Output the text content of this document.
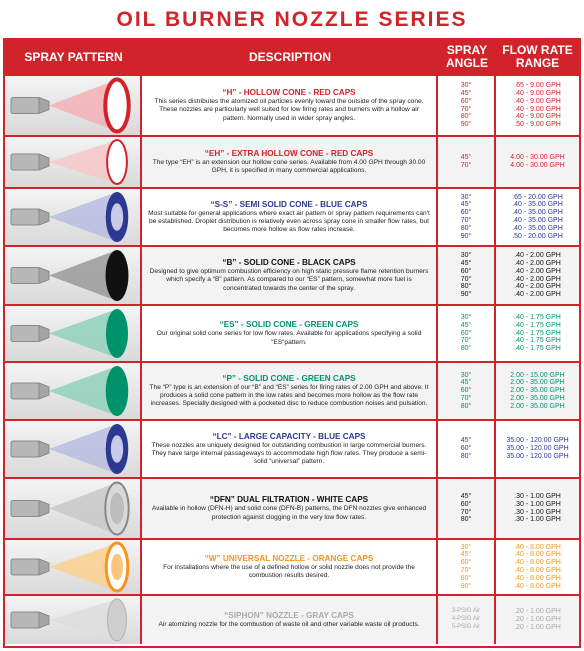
OIL BURNER NOZZLE SERIES
SPRAY PATTERN	DESCRIPTION	SPRAY ANGLE
FLOW RATE RANGE
“H” - HOLLOW CONE - RED CAPS
This series distributes the atomized oil particles evenly toward the outside of the spray cone. These nozzles are particularly well suited for low firing rates and burners with a hollow air pattern. Normally used in wider spray angles.
30°
45°
60°
70°
80°
90°
.65 - 9.00 GPH
.40 - 9.00 GPH
.40 - 9.00 GPH
.40 - 9.00 GPH
.40 - 9.00 GPH
.50 - 9.00 GPH
“EH” - EXTRA HOLLOW CONE - RED CAPS
The type “EH” is an extension our hollow cone series. Available from 4.00 GPH through 30.00 GPH, it is specified in many commercial applications.
45°
70°
4.00 - 30.00 GPH
4.00 - 30.00 GPH
“S-S” - SEMI SOLID CONE - BLUE CAPS
Most suitable for general applications where exact air pattern or spray pattern requirements can't be established. Droplet distribution is relatively even across spray cone in smaller flow rates, but becomes more hollow as flow rates increase.
30°
45°
60°
70°
80°
90°
.65 - 20.00 GPH
.40 - 35.00 GPH
.40 - 35.00 GPH
.40 - 35.00 GPH
.40 - 35.00 GPH
.50 - 20.00 GPH
“B” - SOLID CONE - BLACK CAPS
Designed to give optimum combustion efficiency on high static pressure flame retention burners which specify a “B” pattern. As compared to our “ES” pattern, somewhat more fuel is concentrated towards the center of the spray.
30°
45°
60°
70°
80°
90°
.40 - 2.00 GPH
.40 - 2.00 GPH
.40 - 2.00 GPH
.40 - 2.00 GPH
.40 - 2.00 GPH
.40 - 2.00 GPH
“ES” - SOLID CONE - GREEN CAPS
Our original solid cone series for low flow rates. Available for applications specifying a solid “ES”pattern.
30°
45°
60°
70°
80°
.40 - 1.75 GPH
.40 - 1.75 GPH
.40 - 1.75 GPH
.40 - 1.75 GPH
.40 - 1.75 GPH
“P” - SOLID CONE - GREEN CAPS
The “P” type is an extension of our “B” and “ES” series for firing rates of 2.00 GPH and above. It produces a solid cone pattern in the low rates and becomes more hollow as the flow rate increases. Specially designed with a pocketed disc to reduce combustion noises and pulsation.
30°
45°
60°
70°
80°
2.00 - 15.00 GPH
2.00 - 35.00 GPH
2.00 - 35.00 GPH
2.00 - 35.00 GPH
2.00 - 35.00 GPH
“LC” - LARGE CAPACITY - BLUE CAPS
These nozzles are uniquely designed for outstanding combustion in large commercial burners. They have large internal passageways to accommodate high flow rates. They produce a semi-solid “universal” pattern.
45°
60°
80°
35.00 - 120.00 GPH
35.00 - 120.00 GPH
35.00 - 120.00 GPH
“DFN” DUAL FILTRATION - WHITE CAPS
Available in hollow (DFN-H) and solid cone (DFN-B) patterns, the DFN nozzles give enhanced protection against clogging in the very low flow rates.
45°
60°
70°
80°
.30 - 1.00 GPH
.30 - 1.00 GPH
.30 - 1.00 GPH
.30 - 1.00 GPH
“W” UNIVERSAL NOZZLE - ORANGE CAPS
For installations where the use of a defined hollow or solid nozzle does not provide the combustion results desired.
30°
45°
60°
70°
80°
90°
.40 - 8.00 GPH
.40 - 8.00 GPH
.40 - 8.00 GPH
.40 - 8.00 GPH
.40 - 8.00 GPH
.40 - 8.00 GPH
“SIPHON” NOZZLE - GRAY CAPS
Air atomizing nozzle for the combustion of waste oil and other variable waste oil products.
3-PSIG Air
4-PSIG Air
5-PSIG Air
.20 - 1.00 GPH
.20 - 1.00 GPH
.20 - 1.00 GPH
